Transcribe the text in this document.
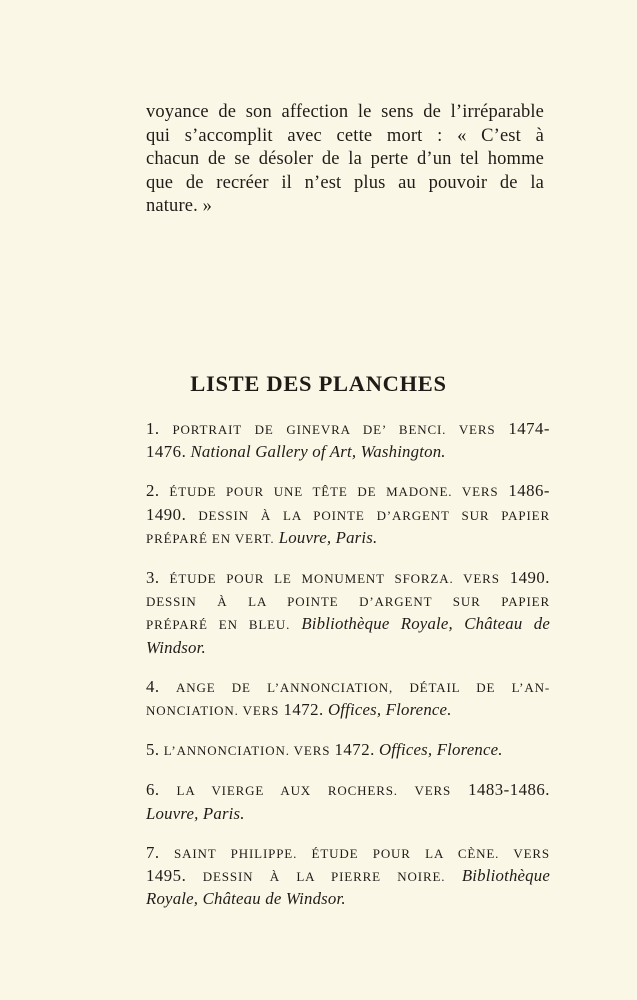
voyance de son affection le sens de l’irréparable
qui s’accomplit avec cette mort : « C’est à
chacun de se désoler de la perte d’un tel homme
que de recréer il n’est plus au pouvoir de la
nature. »
LISTE DES PLANCHES
1. PORTRAIT DE GINEVRA DE’ BENCI. VERS 1474-
1476. National Gallery of Art, Washington.
2. ÉTUDE POUR UNE TÊTE DE MADONE. VERS 1486-
1490. DESSIN À LA POINTE D’ARGENT SUR PAPIER
PRÉPARÉ EN VERT. Louvre, Paris.
3. ÉTUDE POUR LE MONUMENT SFORZA. VERS 1490.
DESSIN À LA POINTE D’ARGENT SUR PAPIER
PRÉPARÉ EN BLEU. Bibliothèque Royale, Château de
Windsor.
4. ANGE DE L’ANNONCIATION, DÉTAIL DE L’AN-
NONCIATION. VERS 1472. Offices, Florence.
5. L’ANNONCIATION. VERS 1472. Offices, Florence.
6. LA VIERGE AUX ROCHERS. VERS 1483-1486.
Louvre, Paris.
7. SAINT PHILIPPE. ÉTUDE POUR LA CÈNE. VERS
1495. DESSIN À LA PIERRE NOIRE. Bibliothèque
Royale, Château de Windsor.
